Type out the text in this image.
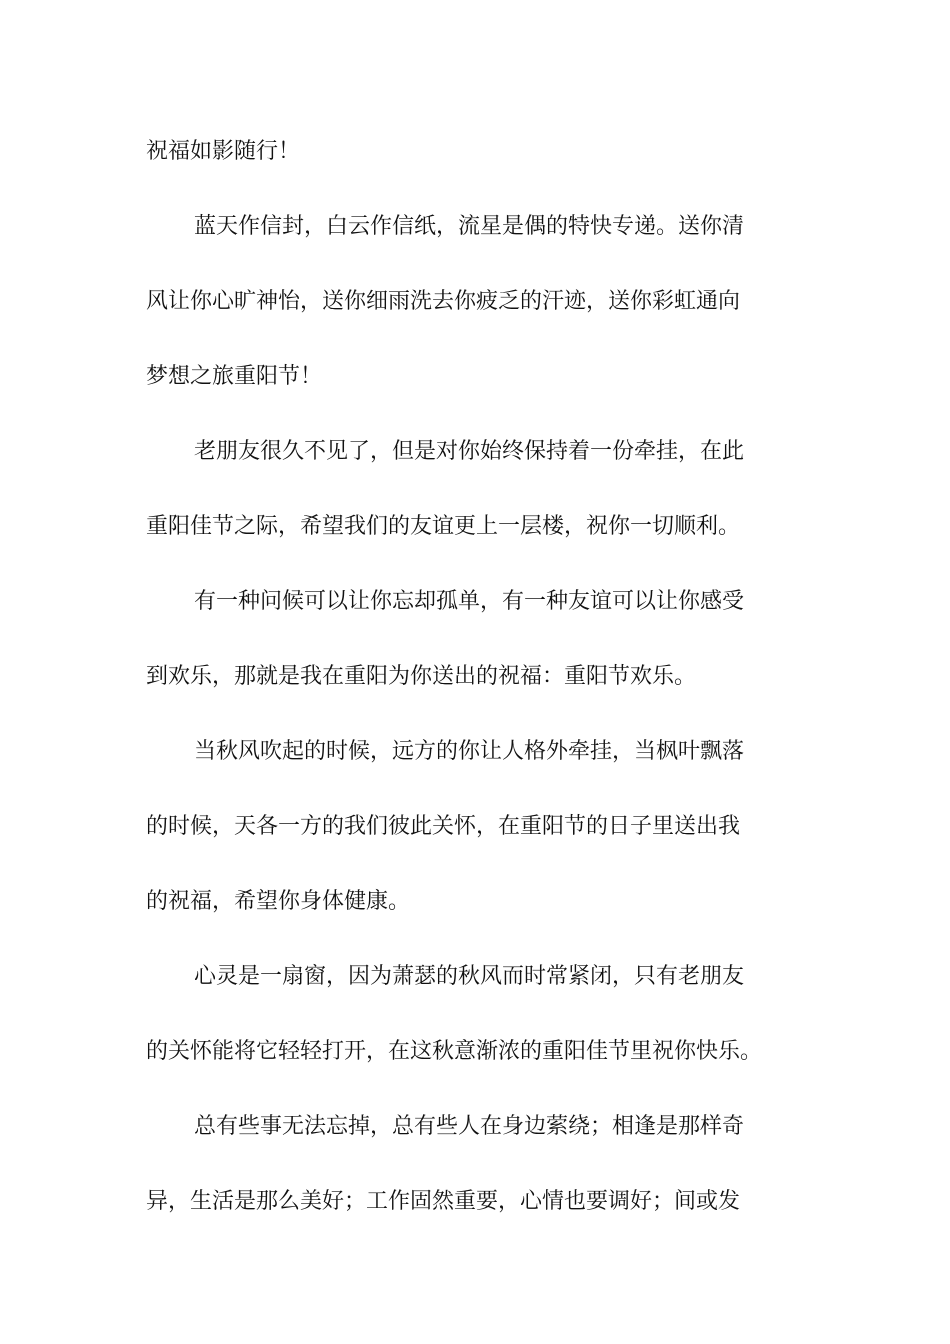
祝福如影随行！
蓝天作信封，白云作信纸，流星是偶的特快专递。送你清
风让你心旷神怡，送你细雨洗去你疲乏的汗迹，送你彩虹通向
梦想之旅重阳节！
老朋友很久不见了，但是对你始终保持着一份牵挂，在此
重阳佳节之际，希望我们的友谊更上一层楼，祝你一切顺利。
有一种问候可以让你忘却孤单，有一种友谊可以让你感受
到欢乐，那就是我在重阳为你送出的祝福：重阳节欢乐。
当秋风吹起的时候，远方的你让人格外牵挂，当枫叶飘落
的时候，天各一方的我们彼此关怀，在重阳节的日子里送出我
的祝福，希望你身体健康。
心灵是一扇窗，因为萧瑟的秋风而时常紧闭，只有老朋友
的关怀能将它轻轻打开，在这秋意渐浓的重阳佳节里祝你快乐。
总有些事无法忘掉，总有些人在身边萦绕；相逢是那样奇
异，生活是那么美好；工作固然重要，心情也要调好；间或发
